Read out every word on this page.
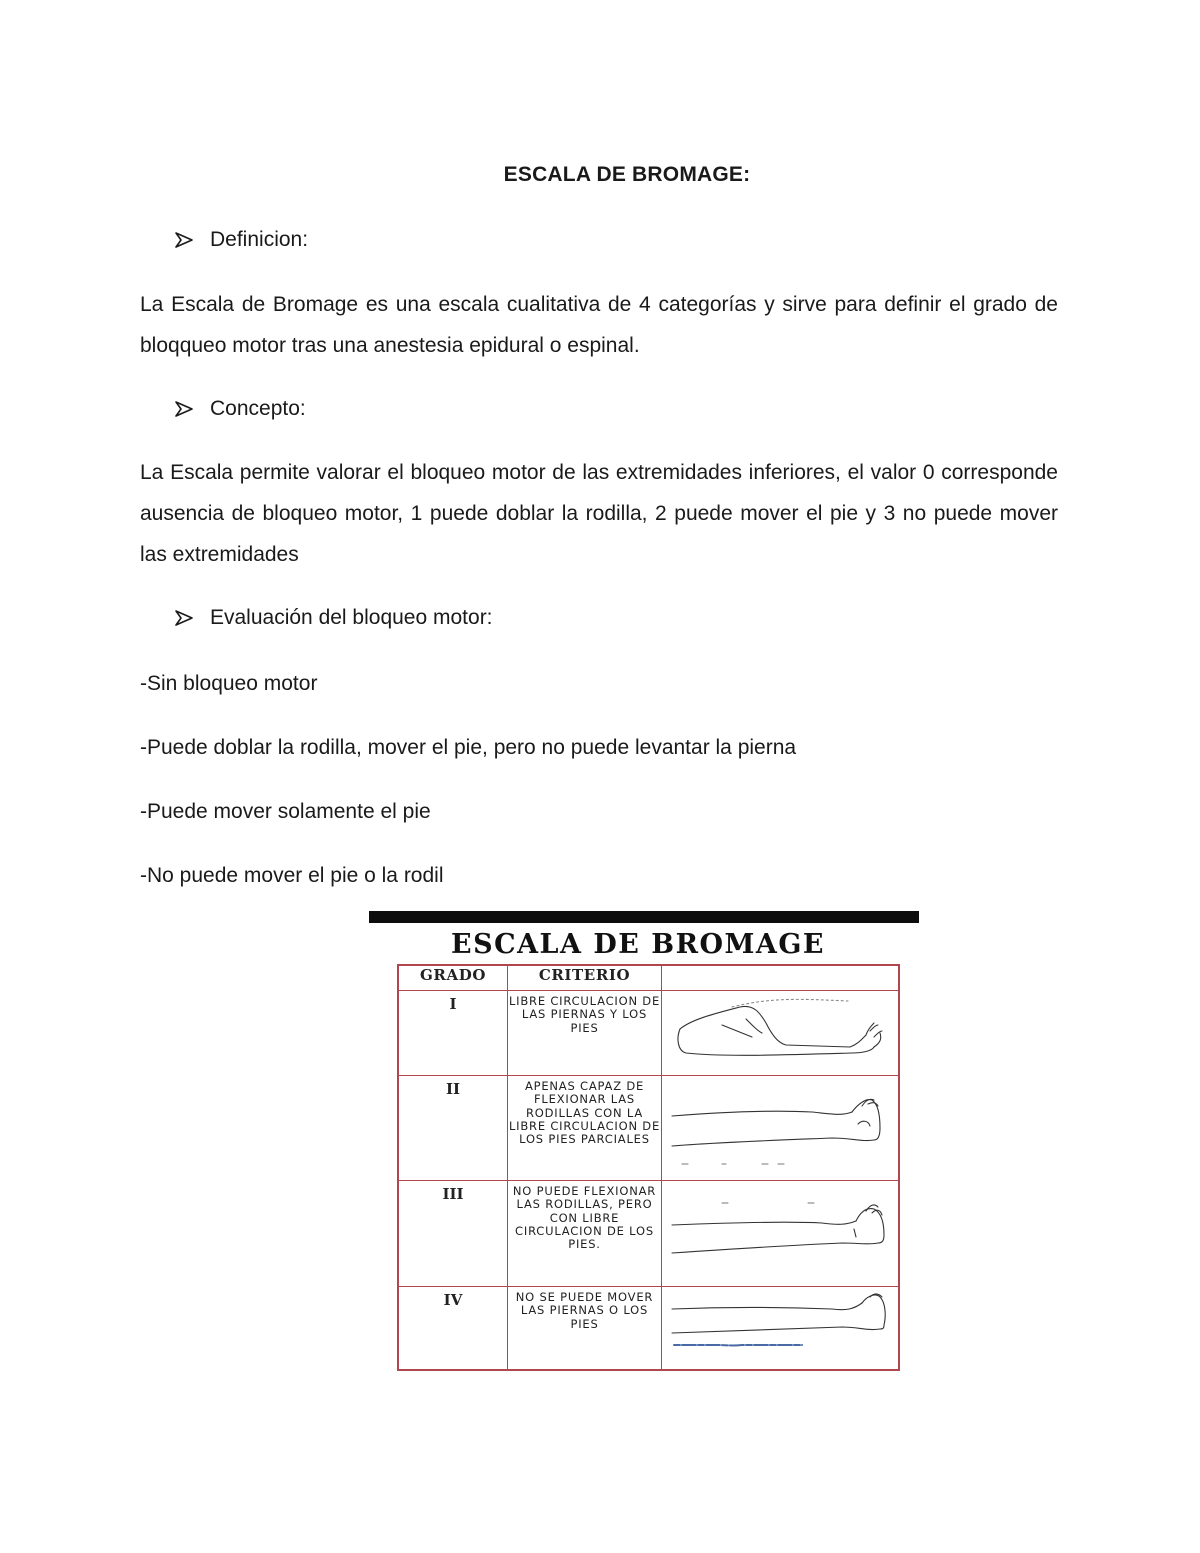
ESCALA DE BROMAGE:
Definicion:
La Escala de Bromage es una escala cualitativa de 4 categorías y sirve para definir el grado de bloqqueo motor tras una anestesia epidural o espinal.
Concepto:
La Escala permite valorar el bloqueo motor de las extremidades inferiores, el valor 0 corresponde ausencia de bloqueo motor, 1 puede doblar la rodilla, 2 puede mover el pie y 3 no puede mover las extremidades
Evaluación del bloqueo motor:
-Sin bloqueo motor
-Puede doblar la rodilla, mover el pie, pero no puede levantar la pierna
-Puede mover solamente el pie
-No puede mover el pie o la rodil
ESCALA DE BROMAGE
GRADO	CRITERIO	
I	LIBRE CIRCULACION DE LAS PIERNAS Y LOS PIES	

II	APENAS CAPAZ DE FLEXIONAR LAS RODILLAS CON LA LIBRE CIRCULACION DE LOS PIES PARCIALES	

III	NO PUEDE FLEXIONAR LAS RODILLAS, PERO CON LIBRE CIRCULACION DE LOS PIES.	

IV	NO SE PUEDE MOVER LAS PIERNAS O LOS PIES	
